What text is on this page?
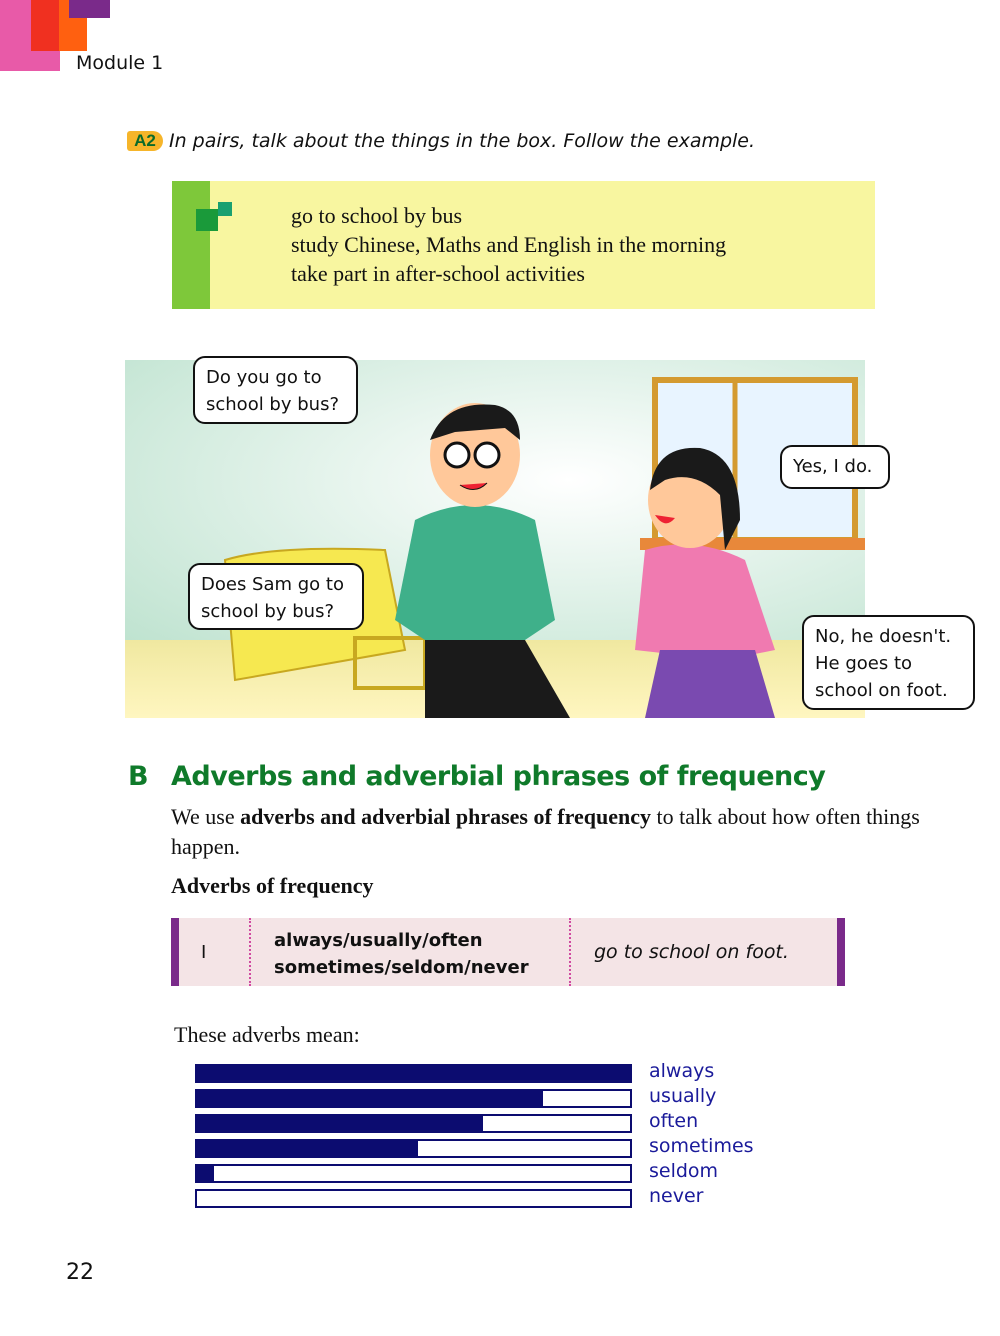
Module 1
A2 In pairs, talk about the things in the box. Follow the example.
go to school by bus
study Chinese, Maths and English in the morning
take part in after-school activities
Do you go to school by bus?
Yes, I do.
Does Sam go to school by bus?
No, he doesn't. He goes to school on foot.
B Adverbs and adverbial phrases of frequency
We use adverbs and adverbial phrases of frequency to talk about how often things happen.
Adverbs of frequency
I
always/usually/often
sometimes/seldom/never
go to school on foot.
These adverbs mean:
always
usually
often
sometimes
seldom
never
22
